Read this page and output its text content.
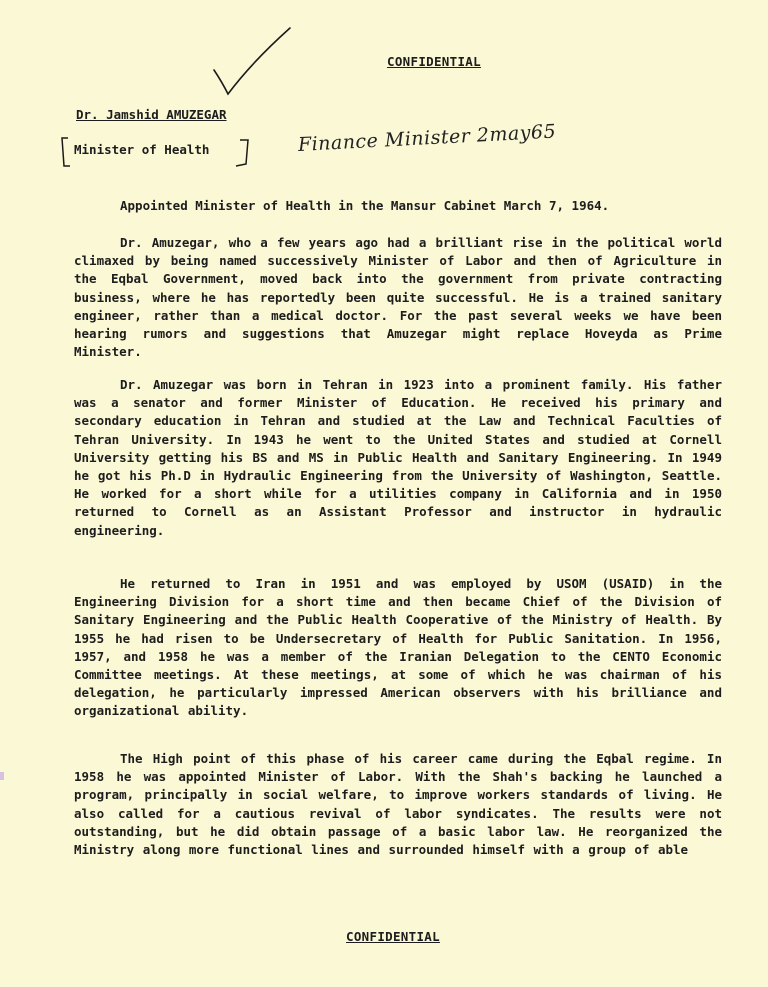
CONFIDENTIAL
Dr. Jamshid AMUZEGAR
Minister of Health	Finance Minister 2may65
Appointed Minister of Health in the Mansur Cabinet March 7, 1964.
Dr. Amuzegar, who a few years ago had a brilliant rise in the political world climaxed by being named successively Minister of Labor and then of Agriculture in the Eqbal Government, moved back into the government from private contracting business, where he has reportedly been quite successful. He is a trained sanitary engineer, rather than a medical doctor. For the past several weeks we have been hearing rumors and suggestions that Amuzegar might replace Hoveyda as Prime Minister.
Dr. Amuzegar was born in Tehran in 1923 into a prominent family. His father was a senator and former Minister of Education. He received his primary and secondary education in Tehran and studied at the Law and Technical Faculties of Tehran University. In 1943 he went to the United States and studied at Cornell University getting his BS and MS in Public Health and Sanitary Engineering. In 1949 he got his Ph.D in Hydraulic Engineering from the University of Washington, Seattle. He worked for a short while for a utilities company in California and in 1950 returned to Cornell as an Assistant Professor and instructor in hydraulic engineering.
He returned to Iran in 1951 and was employed by USOM (USAID) in the Engineering Division for a short time and then became Chief of the Division of Sanitary Engineering and the Public Health Cooperative of the Ministry of Health. By 1955 he had risen to be Undersecretary of Health for Public Sanitation. In 1956, 1957, and 1958 he was a member of the Iranian Delegation to the CENTO Economic Committee meetings. At these meetings, at some of which he was chairman of his delegation, he particularly impressed American observers with his brilliance and organizational ability.
The High point of this phase of his career came during the Eqbal regime. In 1958 he was appointed Minister of Labor. With the Shah's backing he launched a program, principally in social welfare, to improve workers standards of living. He also called for a cautious revival of labor syndicates. The results were not outstanding, but he did obtain passage of a basic labor law. He reorganized the Ministry along more functional lines and surrounded himself with a group of able
CONFIDENTIAL
